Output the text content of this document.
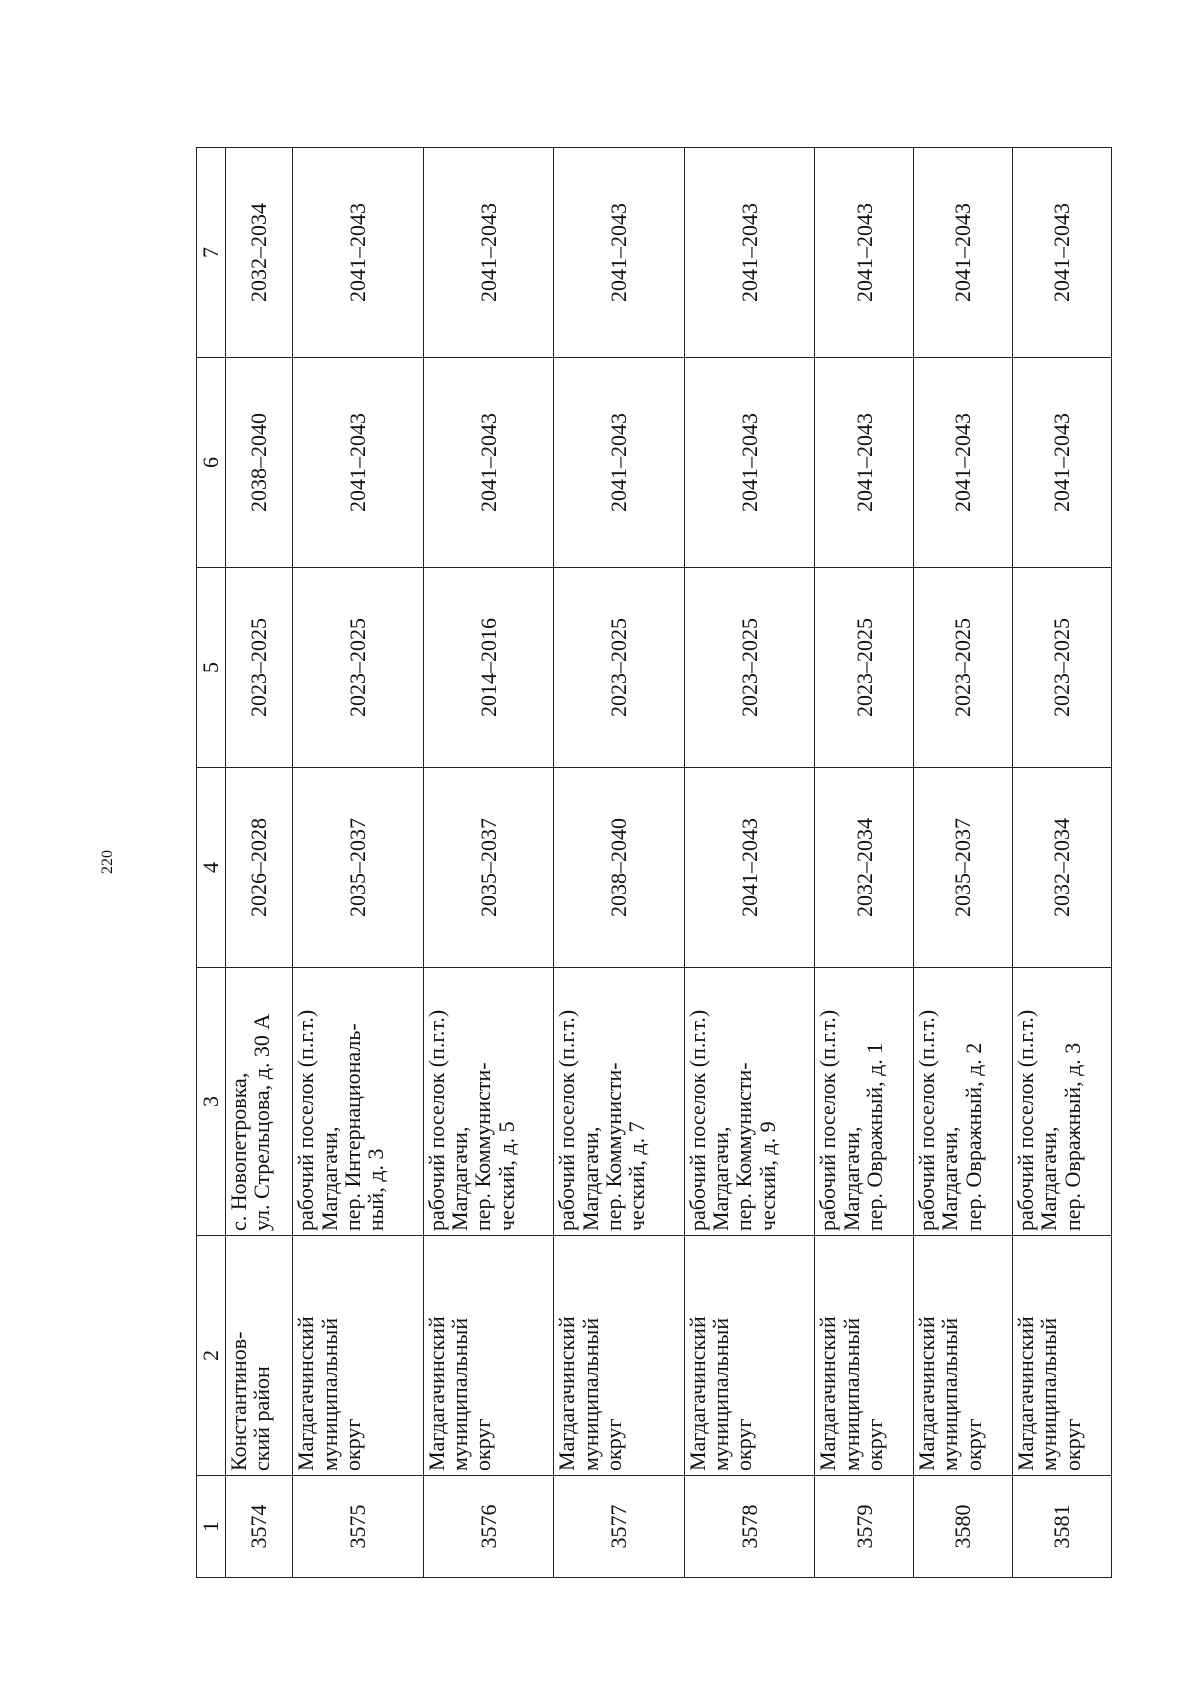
220
1	2	3	4	5	6	7
3574	Константинов-
ский район	с. Новопетровка,
ул. Стрельцова, д. 30 А	2026–2028	2023–2025	2038–2040	2032–2034
3575	Магдагачинский
муниципальный
округ	рабочий поселок (п.г.т.)
Магдагачи,
пер. Интернациональ-
ный, д. 3	2035–2037	2023–2025	2041–2043	2041–2043
3576	Магдагачинский
муниципальный
округ	рабочий поселок (п.г.т.)
Магдагачи,
пер. Коммунисти-
ческий, д. 5	2035–2037	2014–2016	2041–2043	2041–2043
3577	Магдагачинский
муниципальный
округ	рабочий поселок (п.г.т.)
Магдагачи,
пер. Коммунисти-
ческий, д. 7	2038–2040	2023–2025	2041–2043	2041–2043
3578	Магдагачинский
муниципальный
округ	рабочий поселок (п.г.т.)
Магдагачи,
пер. Коммунисти-
ческий, д. 9	2041–2043	2023–2025	2041–2043	2041–2043
3579	Магдагачинский
муниципальный
округ	рабочий поселок (п.г.т.)
Магдагачи,
пер. Овражный, д. 1	2032–2034	2023–2025	2041–2043	2041–2043
3580	Магдагачинский
муниципальный
округ	рабочий поселок (п.г.т.)
Магдагачи,
пер. Овражный, д. 2	2035–2037	2023–2025	2041–2043	2041–2043
3581	Магдагачинский
муниципальный
округ	рабочий поселок (п.г.т.)
Магдагачи,
пер. Овражный, д. 3	2032–2034	2023–2025	2041–2043	2041–2043
